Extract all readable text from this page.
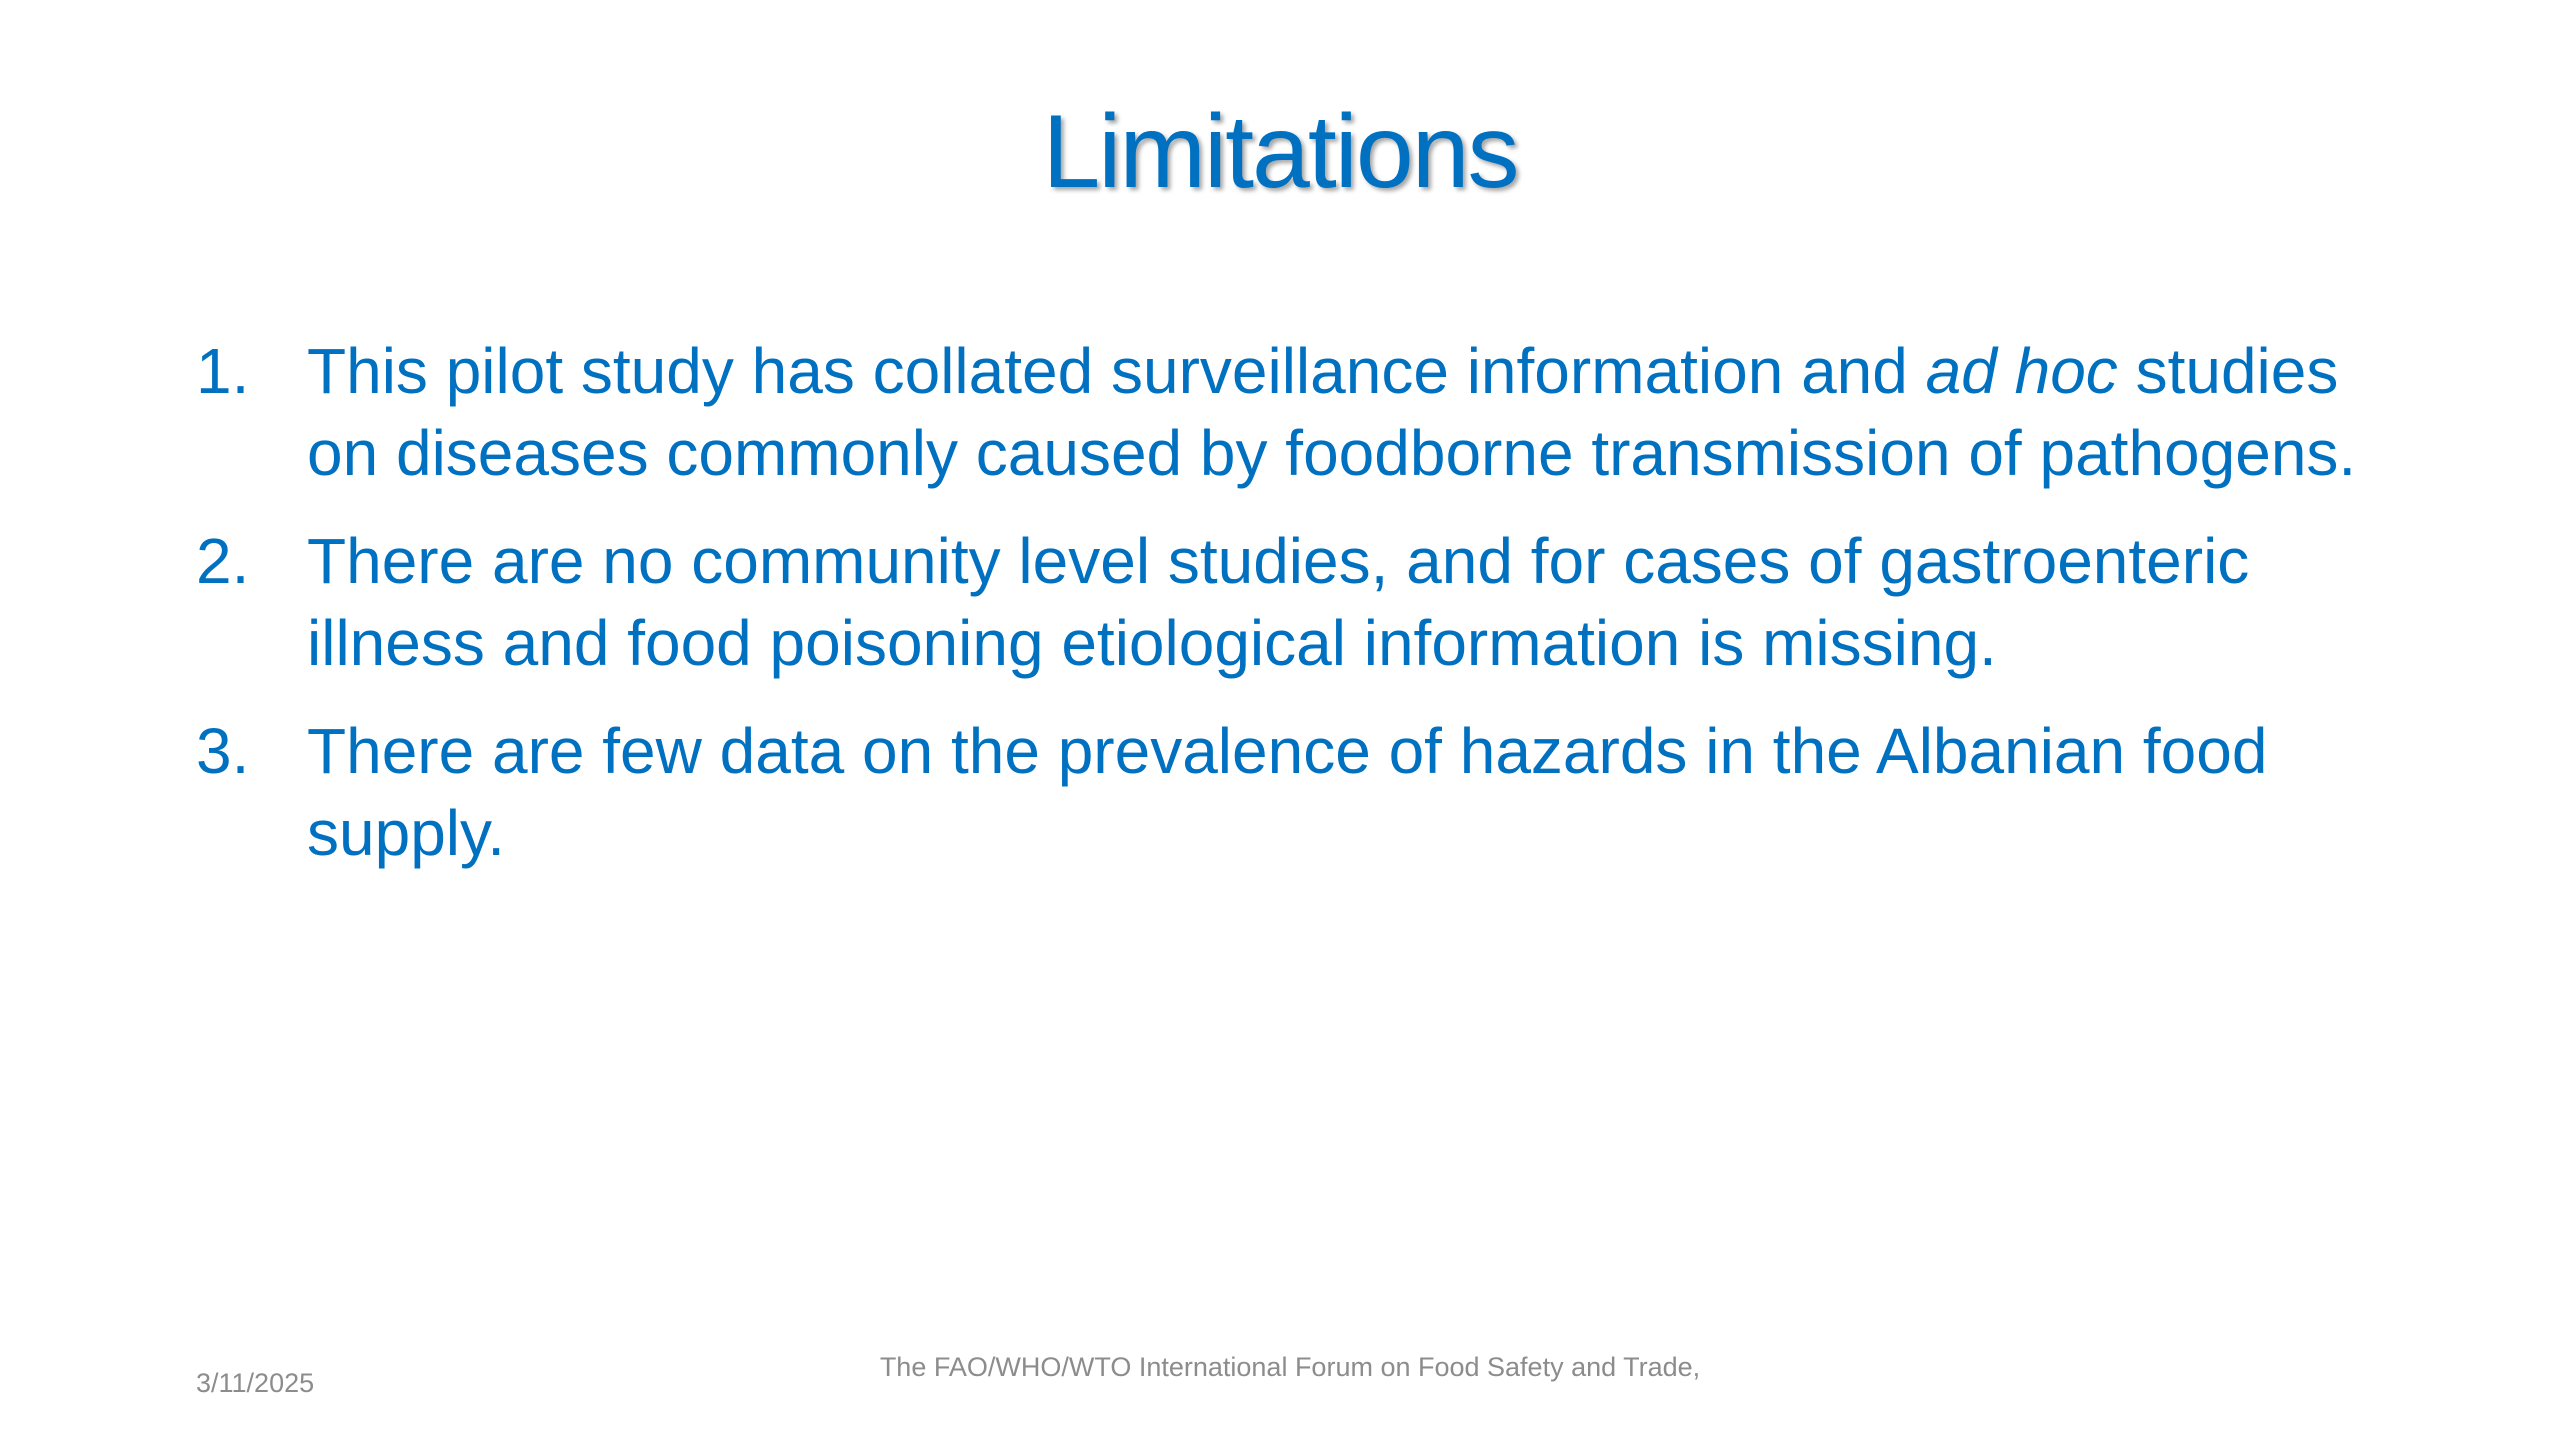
Limitations
1. This pilot study has collated surveillance information and ad hoc studies on diseases commonly caused by foodborne transmission of pathogens.
2. There are no community level studies, and for cases of gastroenteric illness and food poisoning etiological information is missing.
3. There are few data on the prevalence of hazards in the Albanian food supply.
3/11/2025
The FAO/WHO/WTO International Forum on Food Safety and Trade,
